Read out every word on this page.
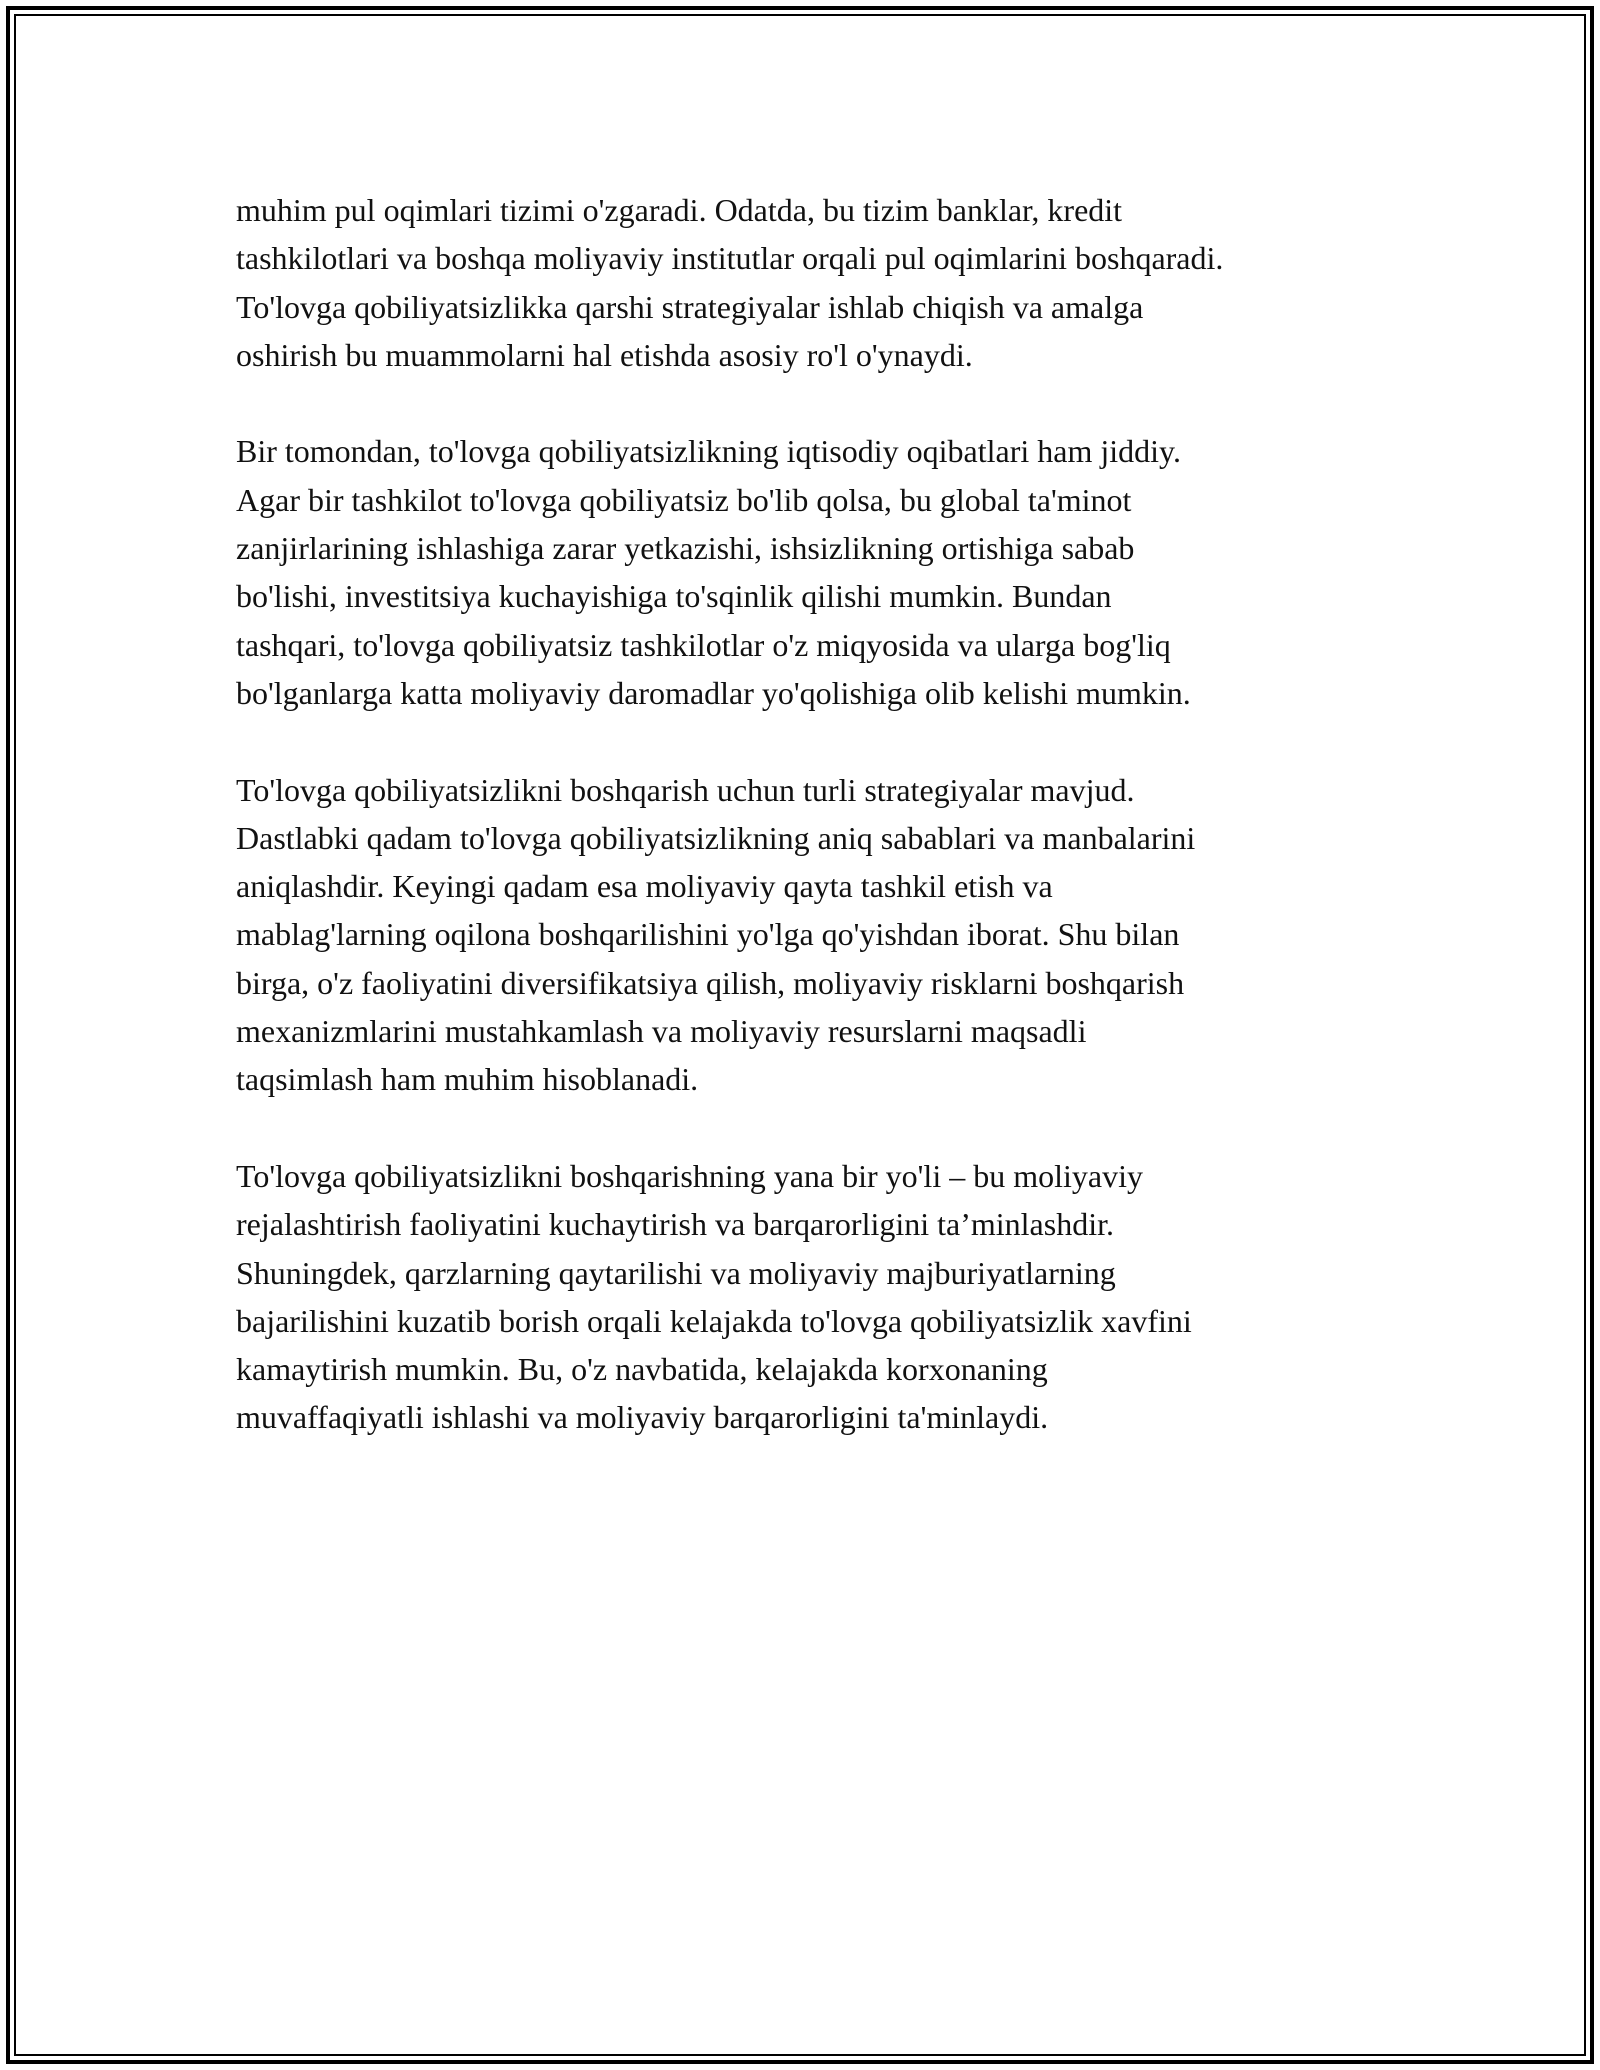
muhim pul oqimlari tizimi o'zgaradi. Odatda, bu tizim banklar, kredit
tashkilotlari va boshqa moliyaviy institutlar orqali pul oqimlarini boshqaradi.
To'lovga qobiliyatsizlikka qarshi strategiyalar ishlab chiqish va amalga
oshirish bu muammolarni hal etishda asosiy ro'l o'ynaydi.

Bir tomondan, to'lovga qobiliyatsizlikning iqtisodiy oqibatlari ham jiddiy.
Agar bir tashkilot to'lovga qobiliyatsiz bo'lib qolsa, bu global ta'minot
zanjirlarining ishlashiga zarar yetkazishi, ishsizlikning ortishiga sabab
bo'lishi, investitsiya kuchayishiga to'sqinlik qilishi mumkin. Bundan
tashqari, to'lovga qobiliyatsiz tashkilotlar o'z miqyosida va ularga bog'liq
bo'lganlarga katta moliyaviy daromadlar yo'qolishiga olib kelishi mumkin.

To'lovga qobiliyatsizlikni boshqarish uchun turli strategiyalar mavjud.
Dastlabki qadam to'lovga qobiliyatsizlikning aniq sabablari va manbalarini
aniqlashdir. Keyingi qadam esa moliyaviy qayta tashkil etish va
mablag'larning oqilona boshqarilishini yo'lga qo'yishdan iborat. Shu bilan
birga, o'z faoliyatini diversifikatsiya qilish, moliyaviy risklarni boshqarish
mexanizmlarini mustahkamlash va moliyaviy resurslarni maqsadli
taqsimlash ham muhim hisoblanadi.

To'lovga qobiliyatsizlikni boshqarishning yana bir yo'li – bu moliyaviy
rejalashtirish faoliyatini kuchaytirish va barqarorligini ta’minlashdir.
Shuningdek, qarzlarning qaytarilishi va moliyaviy majburiyatlarning
bajarilishini kuzatib borish orqali kelajakda to'lovga qobiliyatsizlik xavfini
kamaytirish mumkin. Bu, o'z navbatida, kelajakda korxonaning
muvaffaqiyatli ishlashi va moliyaviy barqarorligini ta'minlaydi.
